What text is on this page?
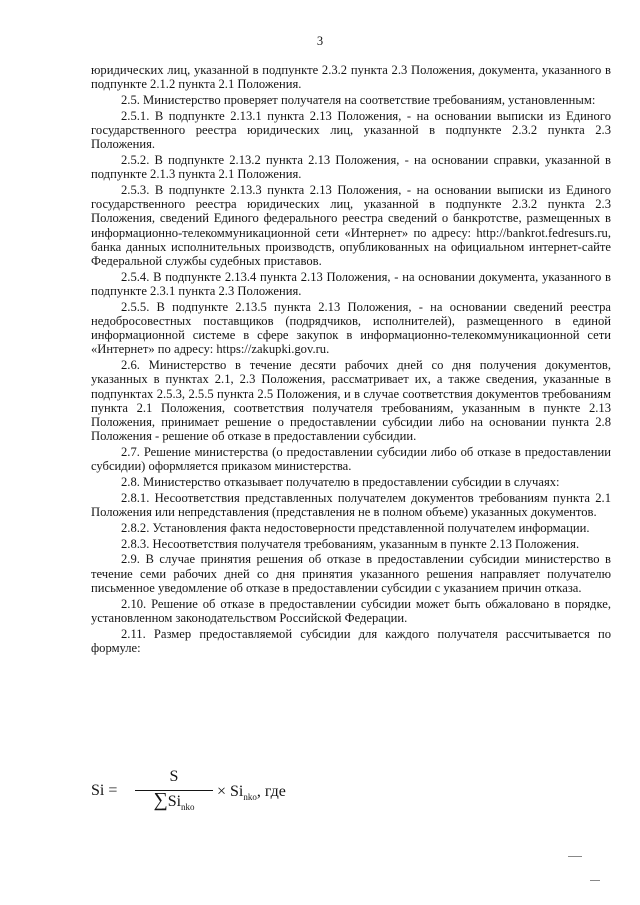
3
юридических лиц, указанной в подпункте 2.3.2 пункта 2.3 Положения, документа, указанного в подпункте 2.1.2 пункта 2.1 Положения.
2.5. Министерство проверяет получателя на соответствие требованиям, установленным:
2.5.1. В подпункте 2.13.1 пункта 2.13 Положения, - на основании выписки из Единого государственного реестра юридических лиц, указанной в подпункте 2.3.2 пункта 2.3 Положения.
2.5.2. В подпункте 2.13.2 пункта 2.13 Положения, - на основании справки, указанной в подпункте 2.1.3 пункта 2.1 Положения.
2.5.3. В подпункте 2.13.3 пункта 2.13 Положения, - на основании выписки из Единого государственного реестра юридических лиц, указанной в подпункте 2.3.2 пункта 2.3 Положения, сведений Единого федерального реестра сведений о банкротстве, размещенных в информационно-телекоммуникационной сети «Интернет» по адресу: http://bankrot.fedresurs.ru, банка данных исполнительных производств, опубликованных на официальном интернет-сайте Федеральной службы судебных приставов.
2.5.4. В подпункте 2.13.4 пункта 2.13 Положения, - на основании документа, указанного в подпункте 2.3.1 пункта 2.3 Положения.
2.5.5. В подпункте 2.13.5 пункта 2.13 Положения, - на основании сведений реестра недобросовестных поставщиков (подрядчиков, исполнителей), размещенного в единой информационной системе в сфере закупок в информационно-телекоммуникационной сети «Интернет» по адресу: https://zakupki.gov.ru.
2.6. Министерство в течение десяти рабочих дней со дня получения документов, указанных в пунктах 2.1, 2.3 Положения, рассматривает их, а также сведения, указанные в подпунктах 2.5.3, 2.5.5 пункта 2.5 Положения, и в случае соответствия документов требованиям пункта 2.1 Положения, соответствия получателя требованиям, указанным в пункте 2.13 Положения, принимает решение о предоставлении субсидии либо на основании пункта 2.8 Положения - решение об отказе в предоставлении субсидии.
2.7. Решение министерства (о предоставлении субсидии либо об отказе в предоставлении субсидии) оформляется приказом министерства.
2.8. Министерство отказывает получателю в предоставлении субсидии в случаях:
2.8.1. Несоответствия представленных получателем документов требованиям пункта 2.1 Положения или непредставления (представления не в полном объеме) указанных документов.
2.8.2. Установления факта недостоверности представленной получателем информации.
2.8.3. Несоответствия получателя требованиям, указанным в пункте 2.13 Положения.
2.9. В случае принятия решения об отказе в предоставлении субсидии министерство в течение семи рабочих дней со дня принятия указанного решения направляет получателю письменное уведомление об отказе в предоставлении субсидии с указанием причин отказа.
2.10. Решение об отказе в предоставлении субсидии может быть обжаловано в порядке, установленном законодательством Российской Федерации.
2.11. Размер предоставляемой субсидии для каждого получателя рассчитывается по формуле:
Si =
S
$\sum Si_{nko}$
× $Si_{nko}$, где
